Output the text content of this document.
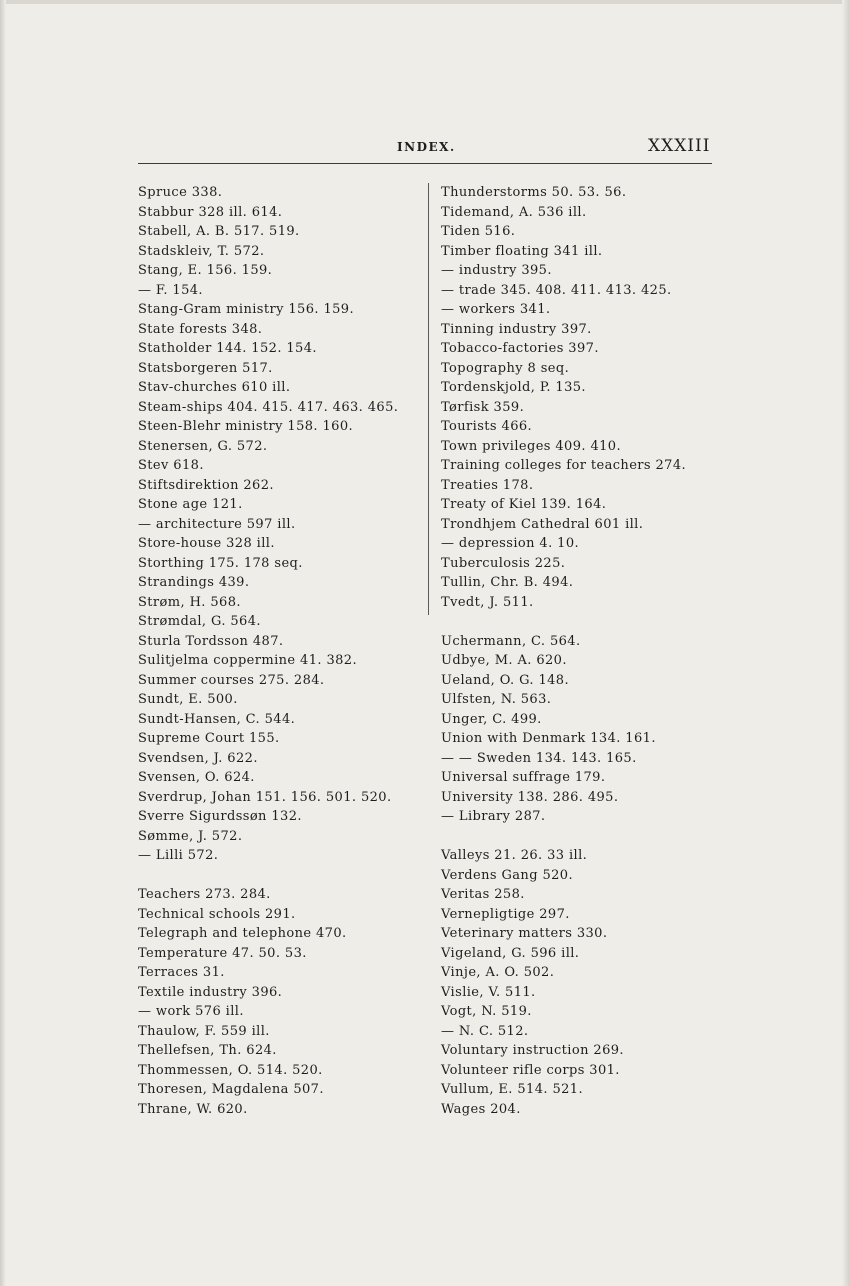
INDEX.	XXXIII
Spruce 338.
Stabbur 328 ill. 614.
Stabell, A. B. 517. 519.
Stadskleiv, T. 572.
Stang, E. 156. 159.
— F. 154.
Stang-Gram ministry 156. 159.
State forests 348.
Statholder 144. 152. 154.
Statsborgeren 517.
Stav-churches 610 ill.
Steam-ships 404. 415. 417. 463. 465.
Steen-Blehr ministry 158. 160.
Stenersen, G. 572.
Stev 618.
Stiftsdirektion 262.
Stone age 121.
— architecture 597 ill.
Store-house 328 ill.
Storthing 175. 178 seq.
Strandings 439.
Strøm, H. 568.
Strømdal, G. 564.
Sturla Tordsson 487.
Sulitjelma coppermine 41. 382.
Summer courses 275. 284.
Sundt, E. 500.
Sundt-Hansen, C. 544.
Supreme Court 155.
Svendsen, J. 622.
Svensen, O. 624.
Sverdrup, Johan 151. 156. 501. 520.
Sverre Sigurdssøn 132.
Sømme, J. 572.
— Lilli 572.
Teachers 273. 284.
Technical schools 291.
Telegraph and telephone 470.
Temperature 47. 50. 53.
Terraces 31.
Textile industry 396.
— work 576 ill.
Thaulow, F. 559 ill.
Thellefsen, Th. 624.
Thommessen, O. 514. 520.
Thoresen, Magdalena 507.
Thrane, W. 620.
Thunderstorms 50. 53. 56.
Tidemand, A. 536 ill.
Tiden 516.
Timber floating 341 ill.
— industry 395.
— trade 345. 408. 411. 413. 425.
— workers 341.
Tinning industry 397.
Tobacco-factories 397.
Topography 8 seq.
Tordenskjold, P. 135.
Tørfisk 359.
Tourists 466.
Town privileges 409. 410.
Training colleges for teachers 274.
Treaties 178.
Treaty of Kiel 139. 164.
Trondhjem Cathedral 601 ill.
— depression 4. 10.
Tuberculosis 225.
Tullin, Chr. B. 494.
Tvedt, J. 511.
Uchermann, C. 564.
Udbye, M. A. 620.
Ueland, O. G. 148.
Ulfsten, N. 563.
Unger, C. 499.
Union with Denmark 134. 161.
— — Sweden 134. 143. 165.
Universal suffrage 179.
University 138. 286. 495.
— Library 287.
Valleys 21. 26. 33 ill.
Verdens Gang 520.
Veritas 258.
Vernepligtige 297.
Veterinary matters 330.
Vigeland, G. 596 ill.
Vinje, A. O. 502.
Vislie, V. 511.
Vogt, N. 519.
— N. C. 512.
Voluntary instruction 269.
Volunteer rifle corps 301.
Vullum, E. 514. 521.
Wages 204.
